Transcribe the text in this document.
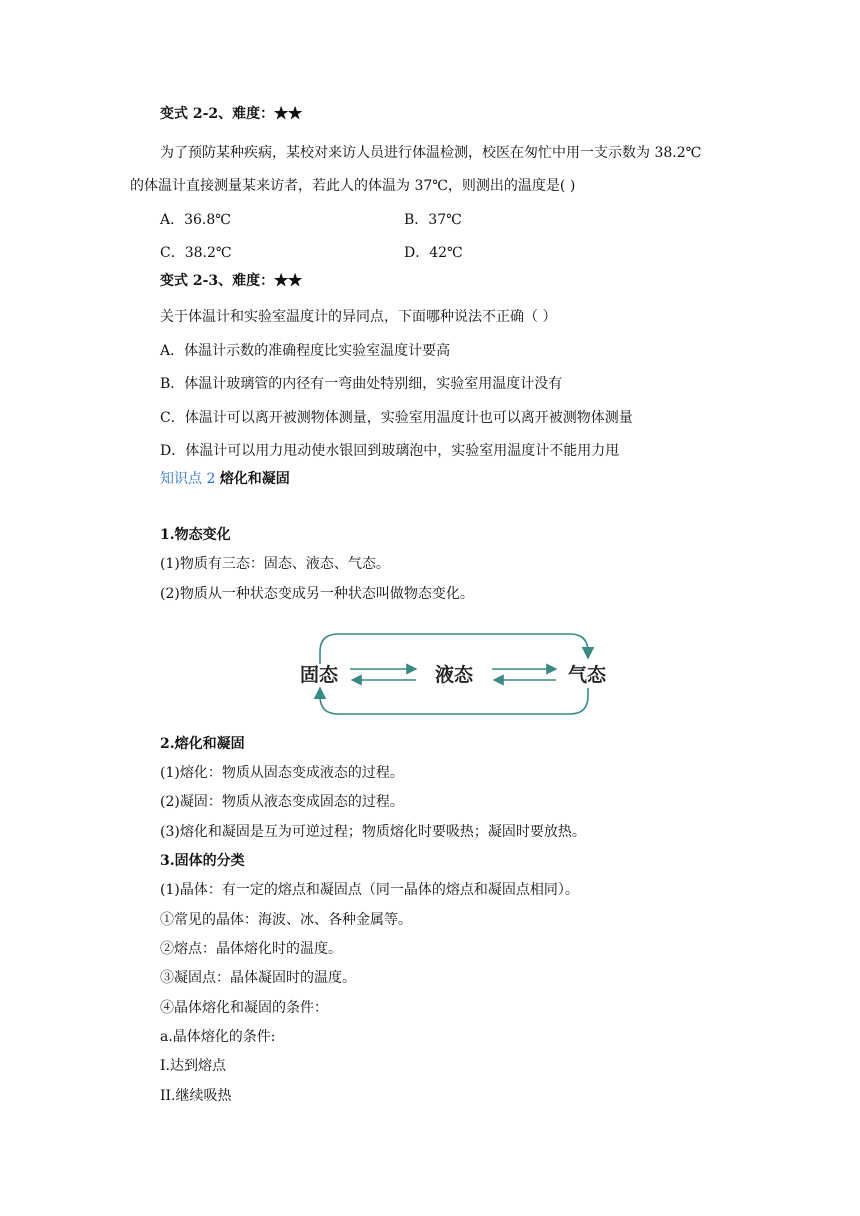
变式 2-2、难度：★★
为了预防某种疾病，某校对来访人员进行体温检测，校医在匆忙中用一支示数为 38.2℃
的体温计直接测量某来访者，若此人的体温为 37℃，则测出的温度是( )
A．36.8℃	B．37℃
C．38.2℃	D．42℃
变式 2-3、难度：★★
关于体温计和实验室温度计的异同点，下面哪种说法不正确（ ）
A．体温计示数的准确程度比实验室温度计要高
B．体温计玻璃管的内径有一弯曲处特别细，实验室用温度计没有
C．体温计可以离开被测物体测量，实验室用温度计也可以离开被测物体测量
D．体温计可以用力甩动使水银回到玻璃泡中，实验室用温度计不能用力甩
知识点 2 熔化和凝固
1.物态变化
(1)物质有三态：固态、液态、气态。
(2)物质从一种状态变成另一种状态叫做物态变化。
固态	液态	气态
2.熔化和凝固
(1)熔化：物质从固态变成液态的过程。
(2)凝固：物质从液态变成固态的过程。
(3)熔化和凝固是互为可逆过程；物质熔化时要吸热；凝固时要放热。
3.固体的分类
(1)晶体：有一定的熔点和凝固点（同一晶体的熔点和凝固点相同）。
①常见的晶体：海波、冰、各种金属等。
②熔点：晶体熔化时的温度。
③凝固点：晶体凝固时的温度。
④晶体熔化和凝固的条件：
a.晶体熔化的条件:
I.达到熔点
II.继续吸热
